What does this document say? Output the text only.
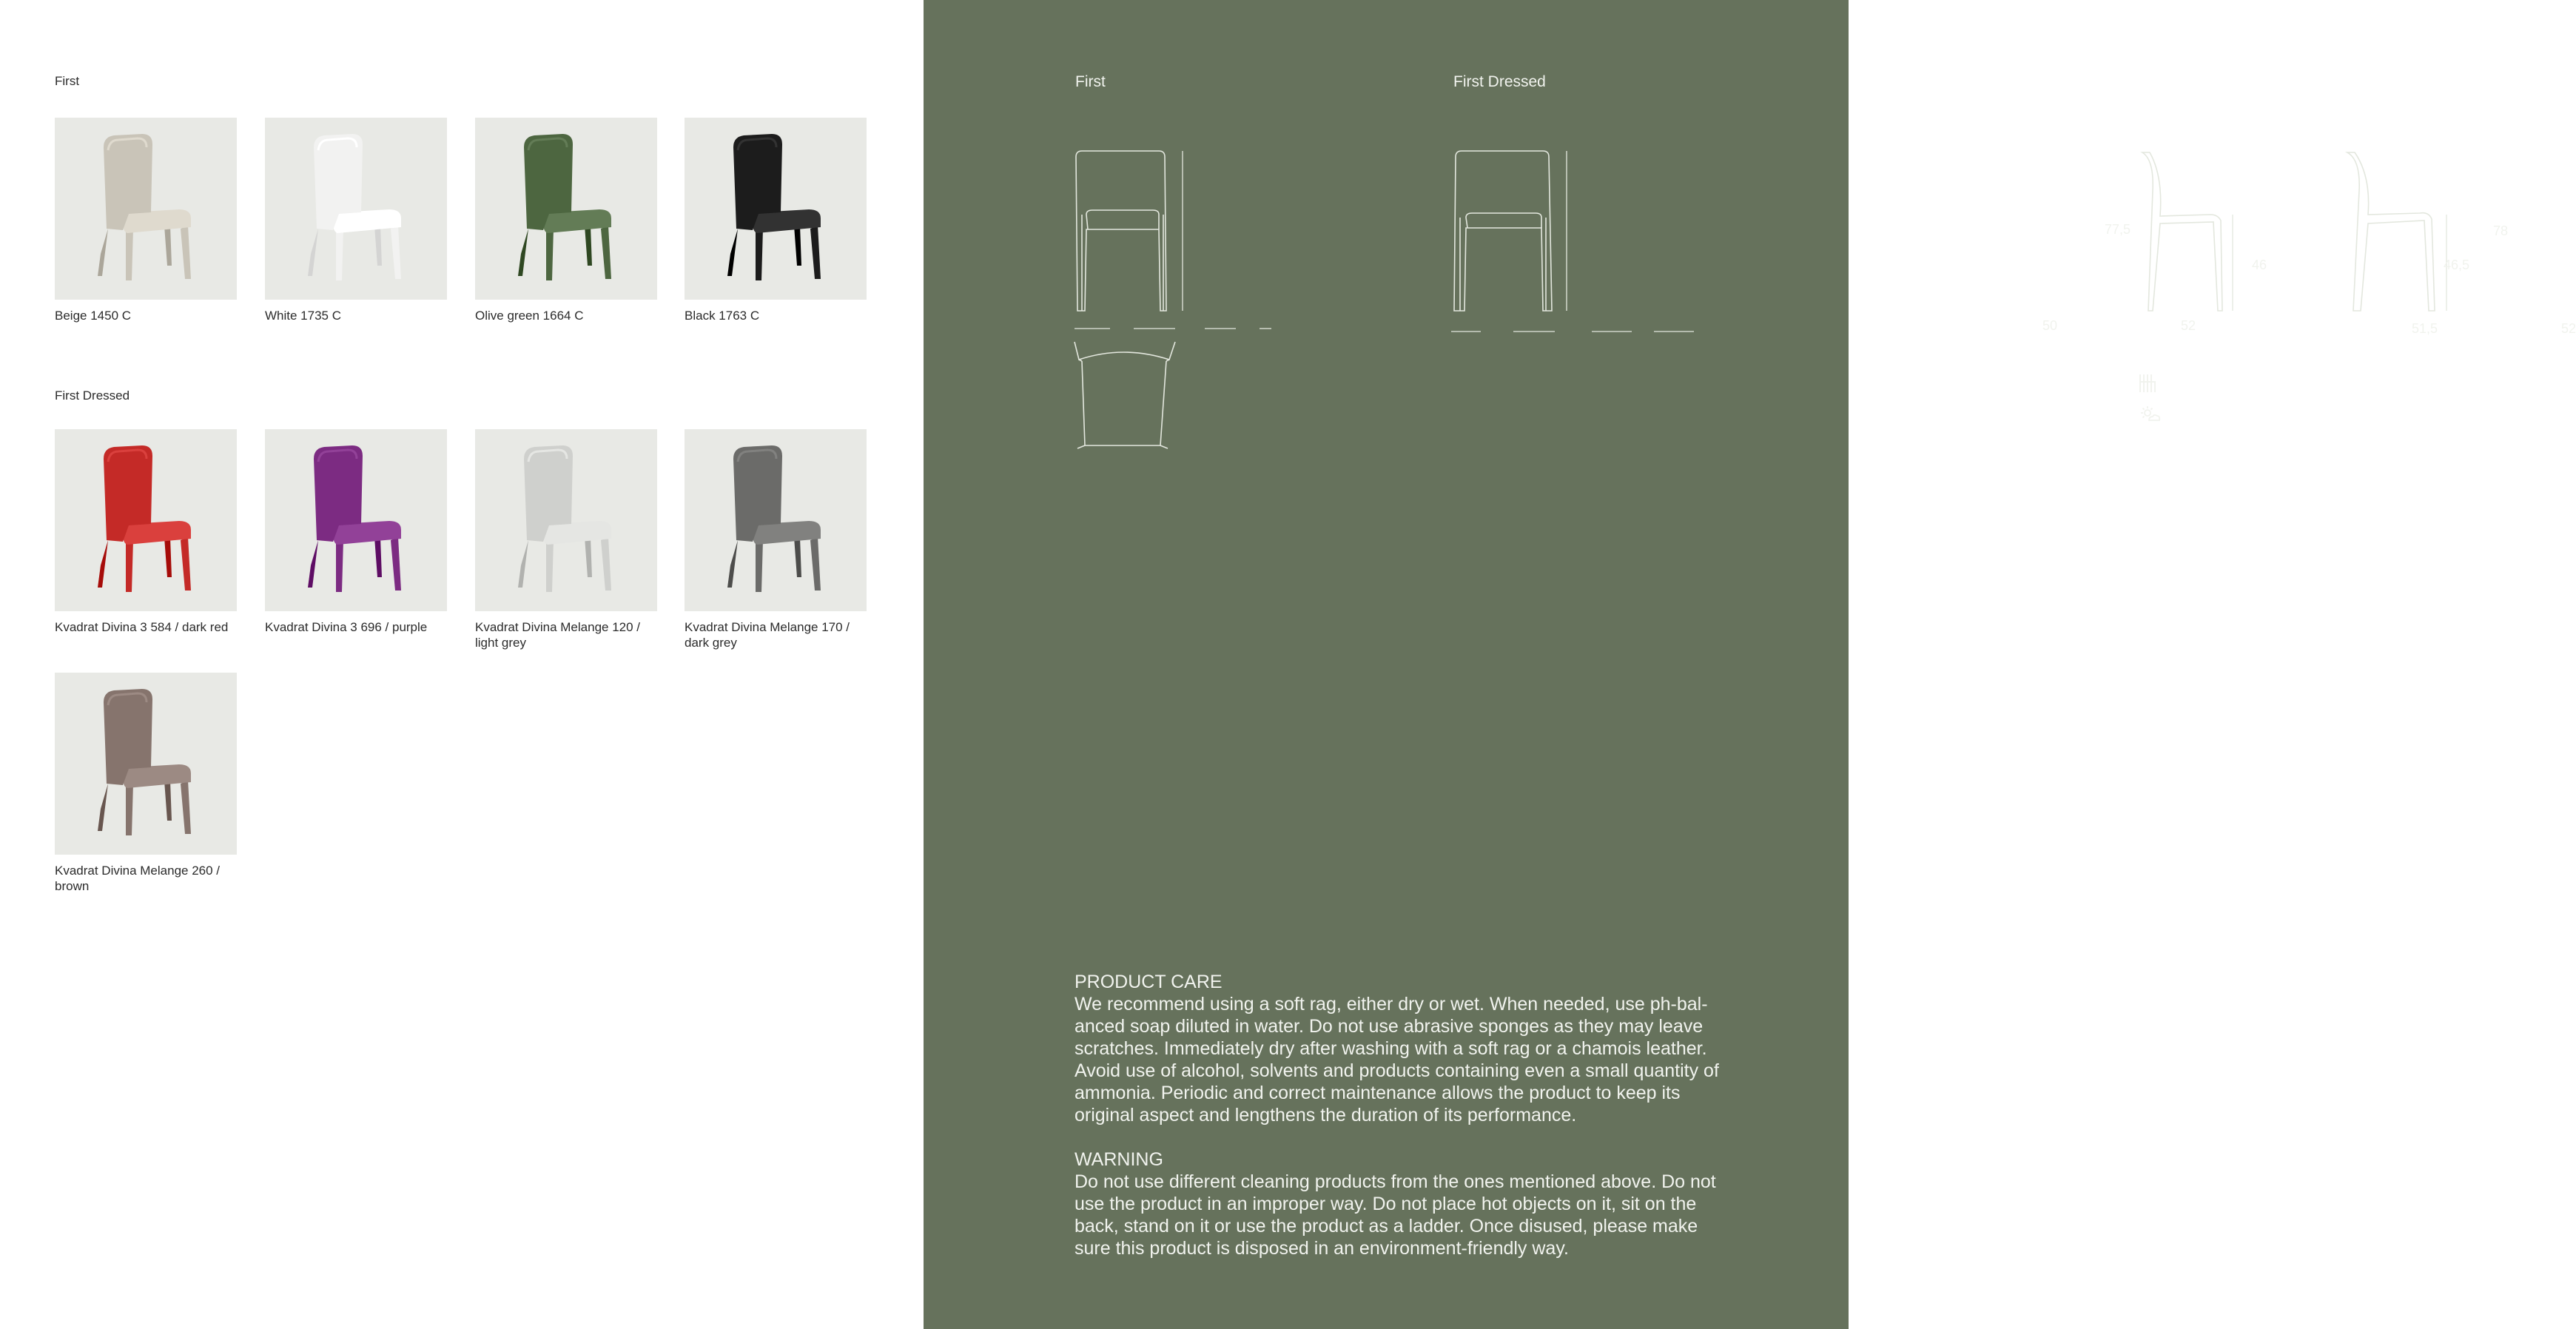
First
Beige 1450 C	White 1735 C	Olive green 1664 C	Black 1763 C
First Dressed
Kvadrat Divina 3 584 / dark red	Kvadrat Divina 3 696 / purple	Kvadrat Divina Melange 120 / light grey
Kvadrat Divina Melange 170 / dark grey
Kvadrat Divina Melange 260 / brown
First	First Dressed
77,5
46
50	52
10
78
46,5
51,5	52
PRODUCT CARE

We recommend using a soft rag, either dry or wet. When needed, use ph-bal-anced soap diluted in water. Do not use abrasive sponges as they may leave scratches. Immediately dry after washing with a soft rag or a chamois leather. Avoid use of alcohol, solvents and products containing even a small quantity of ammonia. Periodic and correct maintenance allows the product to keep its original aspect and lengthens the duration of its performance.

WARNING

Do not use different cleaning products from the ones mentioned above. Do not use the product in an improper way. Do not place hot objects on it, sit on the back, stand on it or use the product as a ladder. Once disused, please make sure this product is disposed in an environment-friendly way.
